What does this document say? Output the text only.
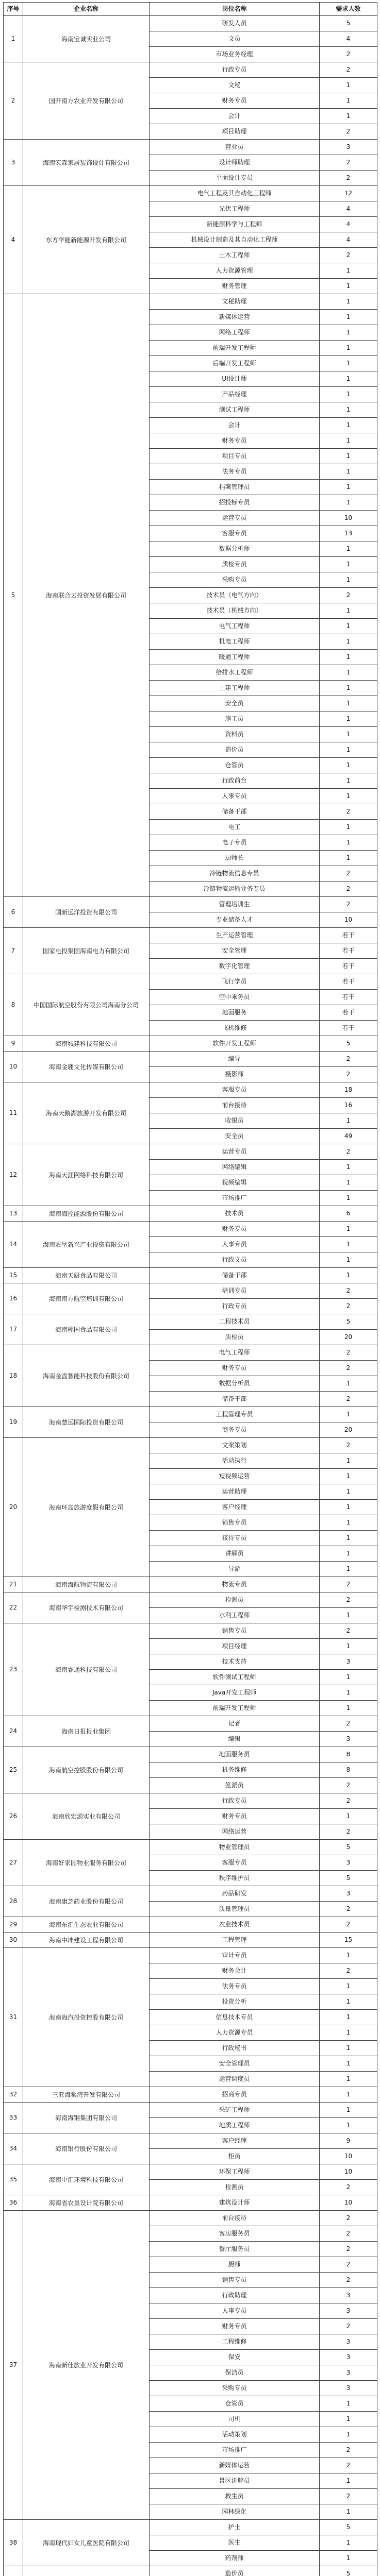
序号	企业名称	岗位名称	需求人数
1	海南宝诚实业公司	研发人员	5
		文员	4
		市场业务经理	2
2	国开南方农业开发有限公司	行政专员	2
		文秘	1
		财务专员	1
		会计	1
		项目助理	2
3	海南宏森家居装饰设计有限公司	营业员	3
		设计师助理	2
		平面设计专员	2
4	东方华能新能源开发有限公司	电气工程及其自动化工程师	12
		光伏工程师	4
		新能源科学与工程师	4
		机械设计制造及其自动化工程师	4
		土木工程师	2
		人力资源管理	1
		财务管理	1
5	海南联合云投资发展有限公司	文秘助理	1
		新媒体运营	1
		网络工程师	1
		前端开发工程师	1
		后端开发工程师	1
		UI设计师	1
		产品经理	1
		测试工程师	1
		会计	1
		财务专员	1
		项目专员	1
		法务专员	1
		档案管理员	1
		招投标专员	1
		运营专员	10
		客服专员	13
		数据分析师	1
		质检专员	1
		采购专员	1
		技术员（电气方向）	2
		技术员（机械方向）	1
		电气工程师	1
		机电工程师	1
		暖通工程师	1
		给排水工程师	1
		土建工程师	1
		安全员	1
		施工员	1
		资料员	1
		造价员	1
		仓管员	1
		行政前台	1
		人事专员	1
		储备干部	2
		电工	1
		电子专员	1
		厨师长	1
		冷链物流信息专员	2
		冷链物流运输业务专员	2
6	国新远洋投资有限公司	管理培训生	2
		专业储备人才	10
7	国家电投集团海南电力有限公司	生产运营管理	若干
		安全管理	若干
		数字化管理	若干
8	中国国际航空股份有限公司海南分公司	飞行学员	若干
		空中乘务员	若干
		地面服务	若干
		飞机维修	若干
9	海南城建科技有限公司	软件开发工程师	5
10	海南金鹿文化传媒有限公司	编导	2
		摄影师	2
11	海南天鹅湖旅游开发有限公司	客服专员	18
		前台接待	16
		收银员	1
		安全员	49
12	海南天涯网络科技有限公司	运营专员	2
		网络编辑	1
		视频编辑	1
		市场推广	1
13	海南海控能源股份有限公司	技术员	6
14	海南农垦新兴产业投资有限公司	财务专员	1
		人事专员	1
		行政文员	1
15	海南天厨食品有限公司	储备干部	1
16	海南南方航空培训有限公司	培训专员	2
		行政专员	2
17	海南椰国食品有限公司	工程技术员	5
		质检员	20
18	海南金盘智能科技股份有限公司	电气工程师	2
		财务专员	2
		数据分析员	1
		储备干部	2
19	海南慧远国际投资有限公司	工程管理专员	1
		商务专员	20
20	海南环岛旅游度假有限公司	文案策划	2
		活动执行	1
		短视频运营	1
		运营助理	1
		客户经理	1
		销售专员	1
		接待专员	1
		讲解员	1
		导游	1
21	海南海航物流有限公司	物流专员	2
22	海南华宇检测技术有限公司	检测员	2
		水利工程师	1
23	海南睿通科技有限公司	销售专员	2
		项目经理	1
		技术支持	3
		软件测试工程师	1
		Java开发工程师	1
		前端开发工程师	1
24	海南日报报业集团	记者	2
		编辑	3
25	海南航空控股股份有限公司	地面服务员	8
		机务维修	8
		签派员	2
26	海南欣宏源实业有限公司	行政专员	2
		财务专员	1
		网络运营	2
27	海南好家园物业服务有限公司	物业管理员	5
		客服专员	3
		秩序维护员	5
28	海南康芝药业股份有限公司	药品研发	3
		质量管理员	2
29	海南东汇生态农业有限公司	农业技术员	2
30	海南中坤建设工程有限公司	工程管理	15
31	海南海汽投资控股有限公司	审计专员	1
		财务会计	2
		法务专员	1
		投资分析	1
		信息技术专员	1
		人力资源专员	1
		行政秘书	1
		安全管理员	1
		运营调度员	1
32	三亚海棠湾开发有限公司	招商专员	1
33	海南海钢集团有限公司	采矿工程师	1
		地质工程师	1
34	海南银行股份有限公司	客户经理	9
		柜员	10
35	海南中汇环境科技有限公司	环保工程师	10
		检测员	2
36	海南省农垦设计院有限公司	建筑设计师	10
37	海南新佳旅业开发有限公司	前台接待	2
		客房服务员	2
		餐厅服务员	2
		厨师	2
		销售专员	2
		行政助理	3
		人事专员	3
		财务专员	2
		工程维修	3
		保安	3
		保洁员	3
		采购专员	3
		仓管员	1
		司机	1
		活动策划	1
		市场推广	2
		新媒体运营	2
		景区讲解员	1
		救生员	2
		园林绿化	1
38	海南现代妇女儿童医院有限公司	护士	5
		医生	1
		药剂师	1
		造价员	5
